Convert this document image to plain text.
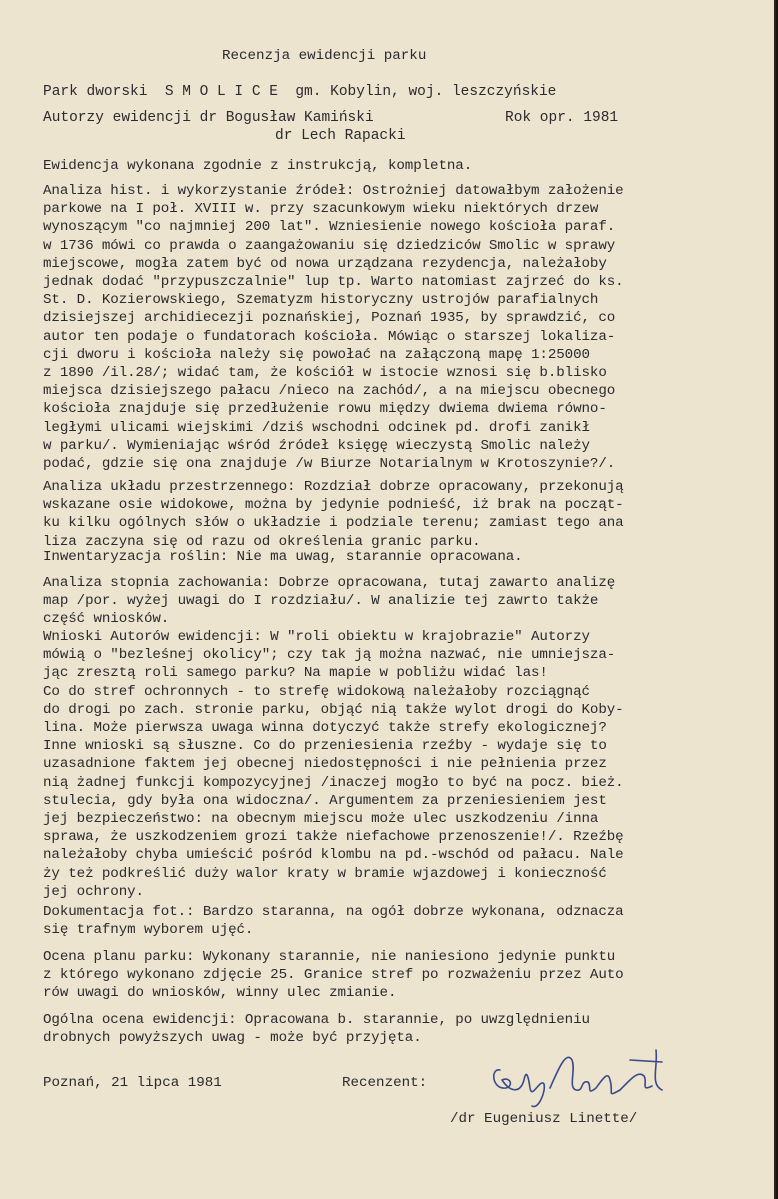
Recenzja ewidencji parku
Park dworski  S M O L I C E  gm. Kobylin, woj. leszczyńskie
Autorzy ewidencji dr Bogusław Kamiński	Rok opr. 1981
dr Lech Rapacki
Ewidencja wykonana zgodnie z instrukcją, kompletna.
Analiza hist. i wykorzystanie źródeł: Ostrożniej datowałbym założenie
parkowe na I poł. XVIII w. przy szacunkowym wieku niektórych drzew
wynoszącym "co najmniej 200 lat". Wzniesienie nowego kościoła paraf.
w 1736 mówi co prawda o zaangażowaniu się dziedziców Smolic w sprawy
miejscowe, mogła zatem być od nowa urządzana rezydencja, należałoby
jednak dodać "przypuszczalnie" lup tp. Warto natomiast zajrzeć do ks.
St. D. Kozierowskiego, Szematyzm historyczny ustrojów parafialnych
dzisiejszej archidiecezji poznańskiej, Poznań 1935, by sprawdzić, co
autor ten podaje o fundatorach kościoła. Mówiąc o starszej lokaliza-
cji dworu i kościoła należy się powołać na załączoną mapę 1:25000
z 1890 /il.28/; widać tam, że kościół w istocie wznosi się b.blisko
miejsca dzisiejszego pałacu /nieco na zachód/, a na miejscu obecnego
kościoła znajduje się przedłużenie rowu między dwiema dwiema równo-
ległymi ulicami wiejskimi /dziś wschodni odcinek pd. drofi zanikł
w parku/. Wymieniając wśród źródeł księgę wieczystą Smolic należy
podać, gdzie się ona znajduje /w Biurze Notarialnym w Krotoszynie?/.
Analiza układu przestrzennego: Rozdział dobrze opracowany, przekonują
wskazane osie widokowe, można by jedynie podnieść, iż brak na począt-
ku kilku ogólnych słów o układzie i podziale terenu; zamiast tego ana
liza zaczyna się od razu od określenia granic parku.
Inwentaryzacja roślin: Nie ma uwag, starannie opracowana.
Analiza stopnia zachowania: Dobrze opracowana, tutaj zawarto analizę
map /por. wyżej uwagi do I rozdziału/. W analizie tej zawrto także
część wniosków.
Wnioski Autorów ewidencji: W "roli obiektu w krajobrazie" Autorzy
mówią o "bezleśnej okolicy"; czy tak ją można nazwać, nie umniejsza-
jąc zresztą roli samego parku? Na mapie w pobliżu widać las!
Co do stref ochronnych - to strefę widokową należałoby rozciągnąć
do drogi po zach. stronie parku, objąć nią także wylot drogi do Koby-
lina. Może pierwsza uwaga winna dotyczyć także strefy ekologicznej?
Inne wnioski są słuszne. Co do przeniesienia rzeźby - wydaje się to
uzasadnione faktem jej obecnej niedostępności i nie pełnienia przez
nią żadnej funkcji kompozycyjnej /inaczej mogło to być na pocz. bież.
stulecia, gdy była ona widoczna/. Argumentem za przeniesieniem jest
jej bezpieczeństwo: na obecnym miejscu może ulec uszkodzeniu /inna
sprawa, że uszkodzeniem grozi także niefachowe przenoszenie!/. Rzeźbę
należałoby chyba umieścić pośród klombu na pd.-wschód od pałacu. Nale
ży też podkreślić duży walor kraty w bramie wjazdowej i konieczność
jej ochrony.
Dokumentacja fot.: Bardzo staranna, na ogół dobrze wykonana, odznacza
się trafnym wyborem ujęć.
Ocena planu parku: Wykonany starannie, nie naniesiono jedynie punktu
z którego wykonano zdjęcie 25. Granice stref po rozważeniu przez Auto
rów uwagi do wniosków, winny ulec zmianie.
Ogólna ocena ewidencji: Opracowana b. starannie, po uwzględnieniu
drobnych powyższych uwag - może być przyjęta.
Poznań, 21 lipca 1981	Recenzent:
/dr Eugeniusz Linette/
